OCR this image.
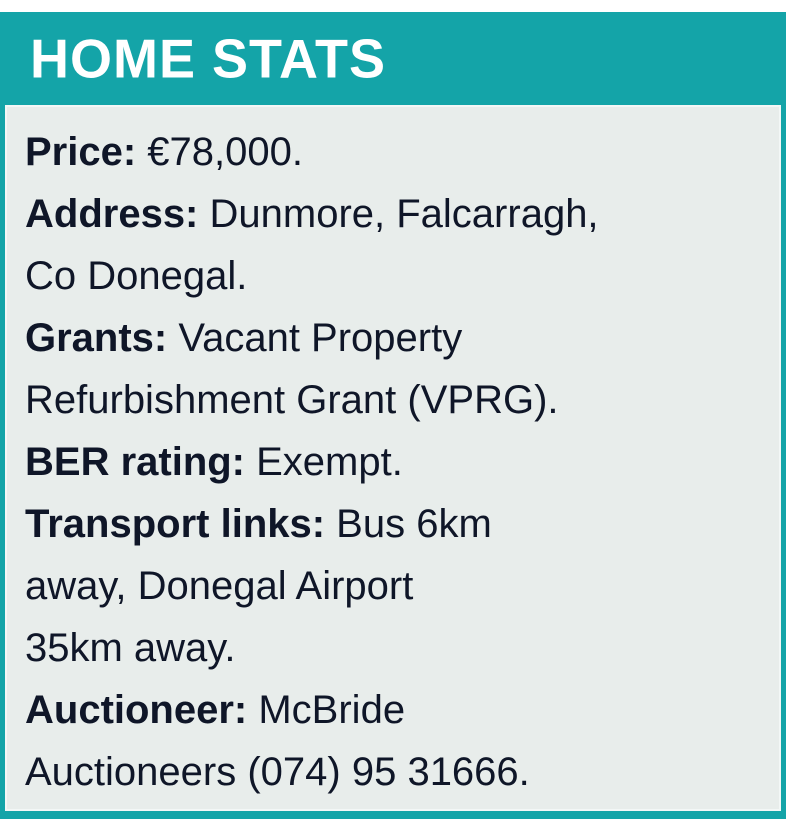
HOME STATS
Price: €78,000.
Address: Dunmore, Falcarragh,
Co Donegal.
Grants: Vacant Property
Refurbishment Grant (VPRG).
BER rating: Exempt.
Transport links: Bus 6km
away, Donegal Airport
35km away.
Auctioneer: McBride
Auctioneers (074) 95 31666.
